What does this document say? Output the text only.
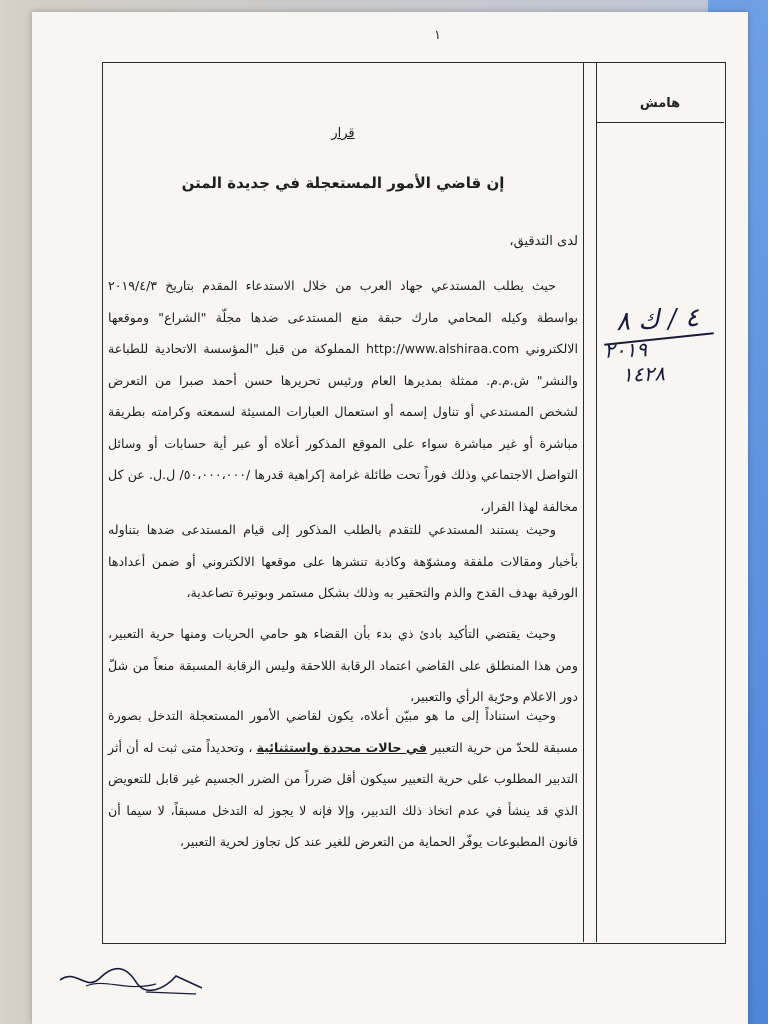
١
هامش
٤ / ك ٨
٢٠١٩
١٤٢٨
قرار
إن قاضي الأمور المستعجلة في جديدة المتن
لدى التدقيق،
حيث يطلب المستدعي جهاد العرب من خلال الاستدعاء المقدم بتاريخ ٢٠١٩/٤/٣ بواسطة وكيله المحامي مارك حبقة منع المستدعى ضدها مجلّة "الشراع" وموقعها الالكتروني http://www.alshiraa.com المملوكة من قبل "المؤسسة الاتحادية للطباعة والنشر" ش.م.م. ممثلة بمديرها العام ورئيس تحريرها حسن أحمد صبرا من التعرض لشخص المستدعي أو تناول إسمه أو استعمال العبارات المسيئة لسمعته وكرامته بطريقة مباشرة أو غير مباشرة سواء على الموقع المذكور أعلاه أو عبر أية حسابات أو وسائل التواصل الاجتماعي وذلك فوراً تحت طائلة غرامة إكراهية قدرها /٥٠،٠٠٠،٠٠٠/ ل.ل. عن كل مخالفة لهذا القرار،
وحيث يستند المستدعي للتقدم بالطلب المذكور إلى قيام المستدعى ضدها بتناوله بأخبار ومقالات ملفقة ومشوّهة وكاذبة تنشرها على موقعها الالكتروني أو ضمن أعدادها الورقية بهدف القدح والذم والتحقير به وذلك بشكل مستمر وبوتيرة تصاعدية،
وحيث يقتضي التأكيد بادئ ذي بدء بأن القضاء هو حامي الحريات ومنها حرية التعبير، ومن هذا المنطلق على القاضي اعتماد الرقابة اللاحقة وليس الرقابة المسبقة منعاً من شلّ دور الاعلام وحرّية الرأي والتعبير،
وحيث استناداً إلى ما هو مبيّن أعلاه، يكون لقاضي الأمور المستعجلة التدخل بصورة مسبقة للحدّ من حرية التعبير في حالات محددة واستثنائية ، وتحديداً متى ثبت له أن أثر التدبير المطلوب على حرية التعبير سيكون أقل ضرراً من الضرر الجسيم غير قابل للتعويض الذي قد ينشأ في عدم اتخاذ ذلك التدبير، وإلا فإنه لا يجوز له التدخل مسبقاً، لا سيما أن قانون المطبوعات يوفّر الحماية من التعرض للغير عند كل تجاوز لحرية التعبير،
